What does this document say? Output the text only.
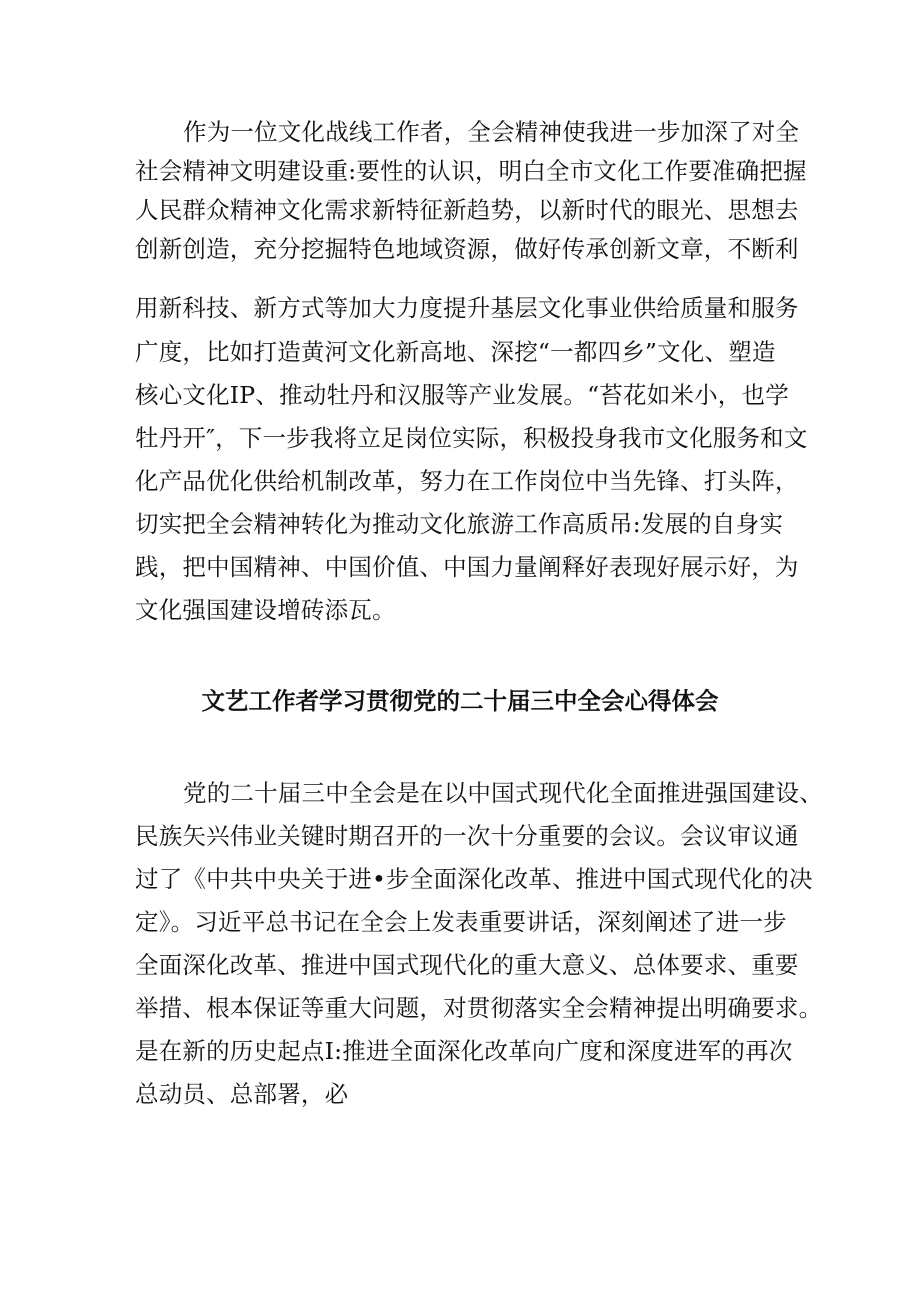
作为一位文化战线工作者，全会精神使我进一步加深了对全
社会精神文明建设重:要性的认识，明白全市文化工作要准确把握
人民群众精神文化需求新特征新趋势，以新时代的眼光、思想去
创新创造，充分挖掘特色地域资源，做好传承创新文章，不断利
用新科技、新方式等加大力度提升基层文化事业供给质量和服务
广度，比如打造黄河文化新高地、深挖“一都四乡”文化、塑造
核心文化IP、推动牡丹和汉服等产业发展。“苔花如米小，也学
牡丹开″，下一步我将立足岗位实际，积极投身我市文化服务和文
化产品优化供给机制改革，努力在工作岗位中当先锋、打头阵，
切实把全会精神转化为推动文化旅游工作高质吊:发展的自身实
践，把中国精神、中国价值、中国力量阐释好表现好展示好，为
文化强国建设增砖添瓦。
文艺工作者学习贯彻党的二十届三中全会心得体会
党的二十届三中全会是在以中国式现代化全面推进强国建设、
民族矢兴伟业关键时期召开的一次十分重要的会议。会议审议通
过了《中共中央关于进•步全面深化改革、推进中国式现代化的决
定》。习近平总书记在全会上发表重要讲话，深刻阐述了进一步
全面深化改革、推进中国式现代化的重大意义、总体要求、重要
举措、根本保证等重大问题，对贯彻落实全会精神提出明确要求。
是在新的历史起点I:推进全面深化改革向广度和深度进军的再次
总动员、总部署，必
